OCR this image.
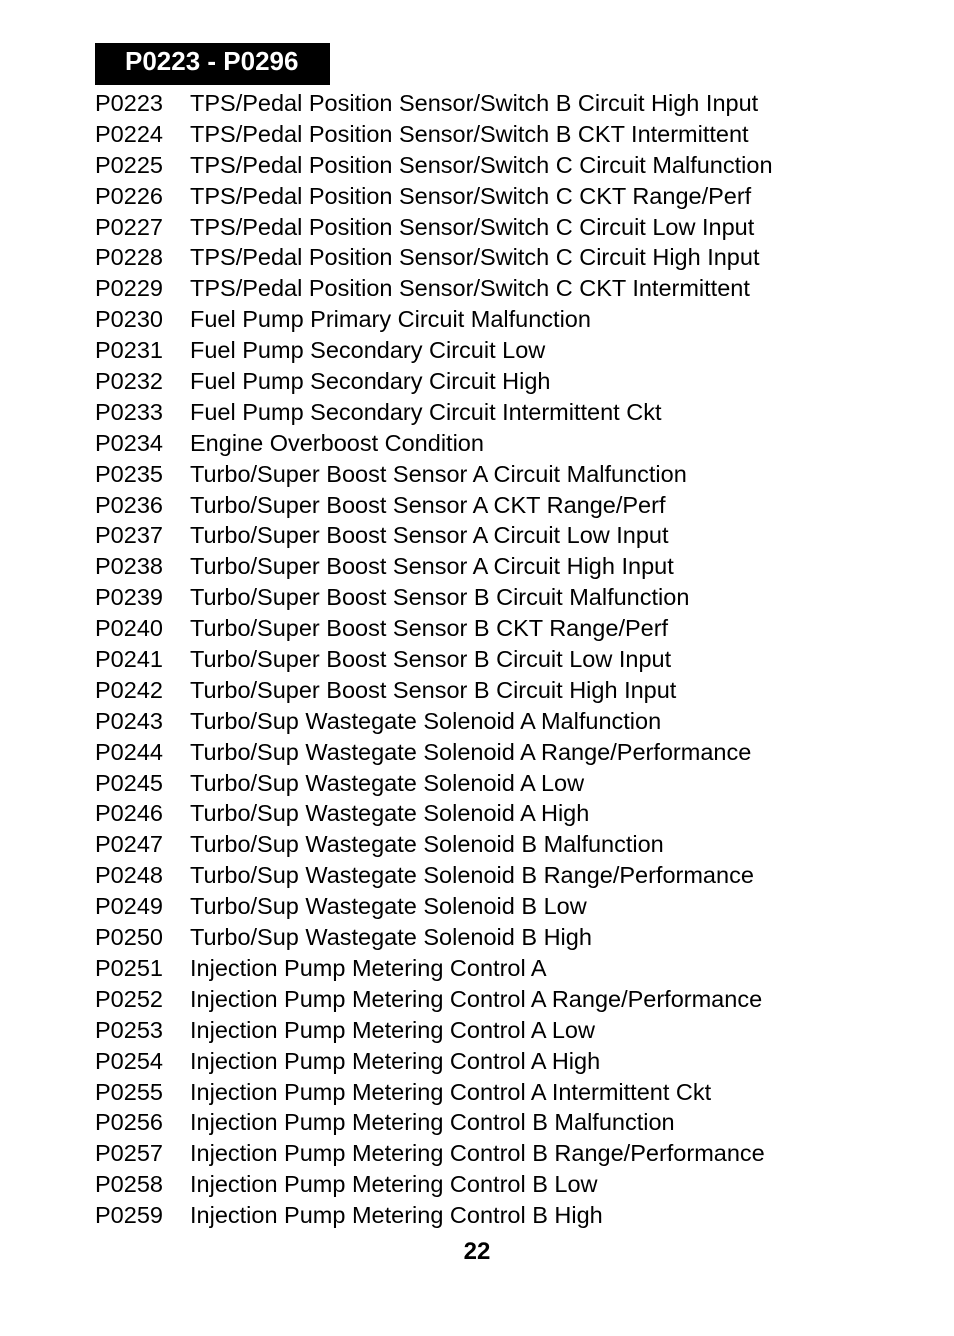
P0223 - P0296
P0223	TPS/Pedal Position Sensor/Switch B Circuit High Input
P0224	TPS/Pedal Position Sensor/Switch B CKT Intermittent
P0225	TPS/Pedal Position Sensor/Switch C Circuit Malfunction
P0226	TPS/Pedal Position Sensor/Switch C CKT Range/Perf
P0227	TPS/Pedal Position Sensor/Switch C Circuit Low Input
P0228	TPS/Pedal Position Sensor/Switch C Circuit High Input
P0229	TPS/Pedal Position Sensor/Switch C CKT Intermittent
P0230	Fuel Pump Primary Circuit Malfunction
P0231	Fuel Pump Secondary Circuit Low
P0232	Fuel Pump Secondary Circuit High
P0233	Fuel Pump Secondary Circuit Intermittent Ckt
P0234	Engine Overboost Condition
P0235	Turbo/Super Boost Sensor A Circuit Malfunction
P0236	Turbo/Super Boost Sensor A CKT Range/Perf
P0237	Turbo/Super Boost Sensor A Circuit Low Input
P0238	Turbo/Super Boost Sensor A Circuit High Input
P0239	Turbo/Super Boost Sensor B Circuit Malfunction
P0240	Turbo/Super Boost Sensor B CKT Range/Perf
P0241	Turbo/Super Boost Sensor B Circuit Low Input
P0242	Turbo/Super Boost Sensor B Circuit High Input
P0243	Turbo/Sup Wastegate Solenoid A Malfunction
P0244	Turbo/Sup Wastegate Solenoid A Range/Performance
P0245	Turbo/Sup Wastegate Solenoid A Low
P0246	Turbo/Sup Wastegate Solenoid A High
P0247	Turbo/Sup Wastegate Solenoid B Malfunction
P0248	Turbo/Sup Wastegate Solenoid B Range/Performance
P0249	Turbo/Sup Wastegate Solenoid B Low
P0250	Turbo/Sup Wastegate Solenoid B High
P0251	Injection Pump Metering Control A
P0252	Injection Pump Metering Control A Range/Performance
P0253	Injection Pump Metering Control A Low
P0254	Injection Pump Metering Control A High
P0255	Injection Pump Metering Control A Intermittent Ckt
P0256	Injection Pump Metering Control B Malfunction
P0257	Injection Pump Metering Control B Range/Performance
P0258	Injection Pump Metering Control B Low
P0259	Injection Pump Metering Control B High
22
